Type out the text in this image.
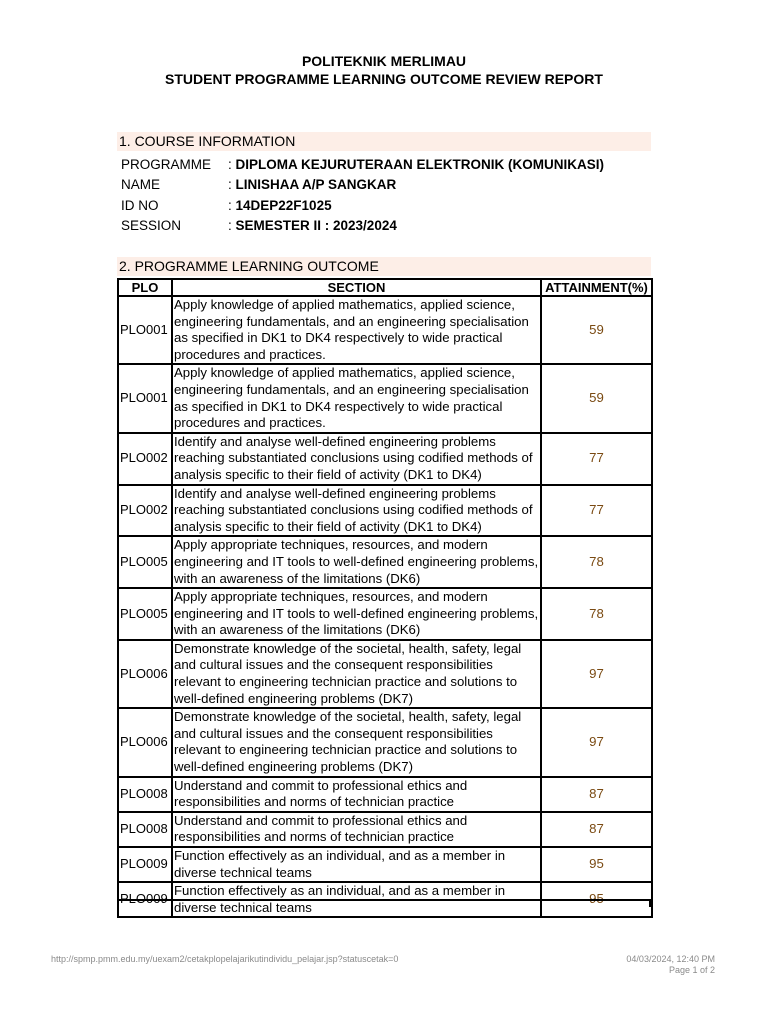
POLITEKNIK MERLIMAU
STUDENT PROGRAMME LEARNING OUTCOME REVIEW REPORT
1. COURSE INFORMATION
PROGRAMME : DIPLOMA KEJURUTERAAN ELEKTRONIK (KOMUNIKASI)
NAME	: LINISHAA A/P SANGKAR
ID NO	: 14DEP22F1025
SESSION	: SEMESTER II : 2023/2024
2. PROGRAMME LEARNING OUTCOME
PLO	SECTION	ATTAINMENT(%)
PLO001	Apply knowledge of applied mathematics, applied science, engineering fundamentals, and an engineering specialisation as specified in DK1 to DK4 respectively to wide practical procedures and practices.	59
PLO001	Apply knowledge of applied mathematics, applied science, engineering fundamentals, and an engineering specialisation as specified in DK1 to DK4 respectively to wide practical procedures and practices.	59
PLO002	Identify and analyse well-defined engineering problems reaching substantiated conclusions using codified methods of analysis specific to their field of activity (DK1 to DK4)	77
PLO002	Identify and analyse well-defined engineering problems reaching substantiated conclusions using codified methods of analysis specific to their field of activity (DK1 to DK4)	77
PLO005	Apply appropriate techniques, resources, and modern engineering and IT tools to well-defined engineering problems, with an awareness of the limitations (DK6)	78
PLO005	Apply appropriate techniques, resources, and modern engineering and IT tools to well-defined engineering problems, with an awareness of the limitations (DK6)	78
PLO006	Demonstrate knowledge of the societal, health, safety, legal and cultural issues and the consequent responsibilities relevant to engineering technician practice and solutions to well-defined engineering problems (DK7)	97
PLO006	Demonstrate knowledge of the societal, health, safety, legal and cultural issues and the consequent responsibilities relevant to engineering technician practice and solutions to well-defined engineering problems (DK7)	97
PLO008	Understand and commit to professional ethics and responsibilities and norms of technician practice	87
PLO008	Understand and commit to professional ethics and responsibilities and norms of technician practice	87
PLO009	Function effectively as an individual, and as a member in diverse technical teams	95
PLO009	Function effectively as an individual, and as a member in diverse technical teams	95
http://spmp.pmm.edu.my/uexam2/cetakplopelajarikutindividu_pelajar.jsp?statuscetak=0	04/03/2024, 12:40 PM
Page 1 of 2
